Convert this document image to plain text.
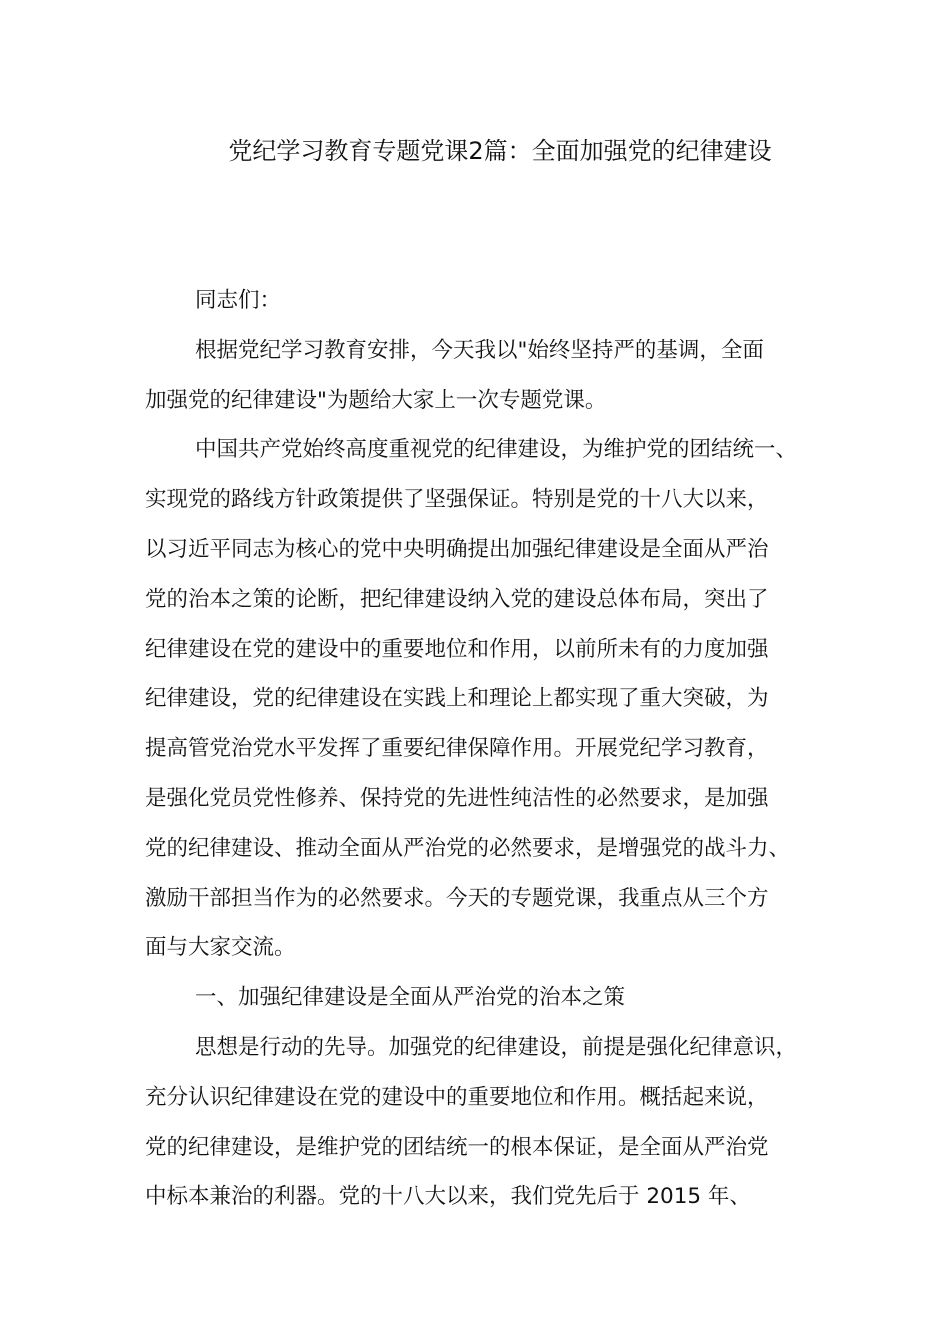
党纪学习教育专题党课2篇：全面加强党的纪律建设

同志们：

根据党纪学习教育安排，今天我以"始终坚持严的基调，全面
加强党的纪律建设"为题给大家上一次专题党课。
中国共产党始终高度重视党的纪律建设，为维护党的团结统一、
实现党的路线方针政策提供了坚强保证。特别是党的十八大以来，
以习近平同志为核心的党中央明确提出加强纪律建设是全面从严治
党的治本之策的论断，把纪律建设纳入党的建设总体布局，突出了
纪律建设在党的建设中的重要地位和作用，以前所未有的力度加强
纪律建设，党的纪律建设在实践上和理论上都实现了重大突破，为
提高管党治党水平发挥了重要纪律保障作用。开展党纪学习教育，
是强化党员党性修养、保持党的先进性纯洁性的必然要求，是加强
党的纪律建设、推动全面从严治党的必然要求，是增强党的战斗力、
激励干部担当作为的必然要求。今天的专题党课，我重点从三个方
面与大家交流。
一、加强纪律建设是全面从严治党的治本之策
思想是行动的先导。加强党的纪律建设，前提是强化纪律意识，
充分认识纪律建设在党的建设中的重要地位和作用。概括起来说，
党的纪律建设，是维护党的团结统一的根本保证，是全面从严治党
中标本兼治的利器。党的十八大以来，我们党先后于 2015 年、
